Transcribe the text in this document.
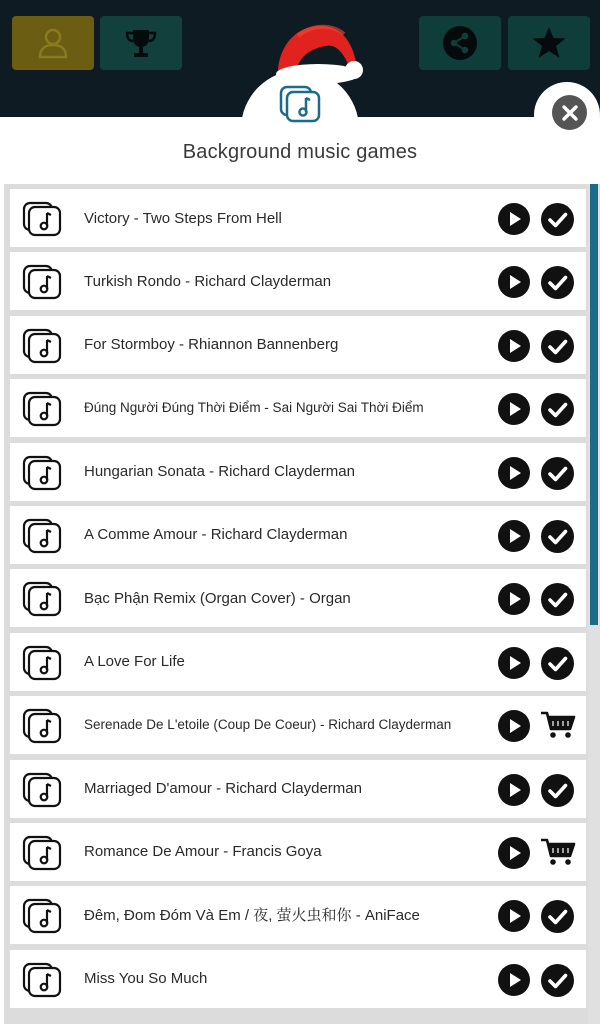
Background music games
Victory - Two Steps From Hell
Turkish Rondo - Richard Clayderman
For Stormboy - Rhiannon Bannenberg
Đúng Người Đúng Thời Điểm - Sai Người Sai Thời Điểm
Hungarian Sonata - Richard Clayderman
A Comme Amour - Richard Clayderman
Bạc Phận Remix (Organ Cover) - Organ
A Love For Life
Serenade De L'etoile (Coup De Coeur) - Richard Clayderman
Marriaged D'amour - Richard Clayderman
Romance De Amour - Francis Goya
Đêm, Đom Đóm Và Em / 夜, 萤火虫和你 - AniFace
Miss You So Much
